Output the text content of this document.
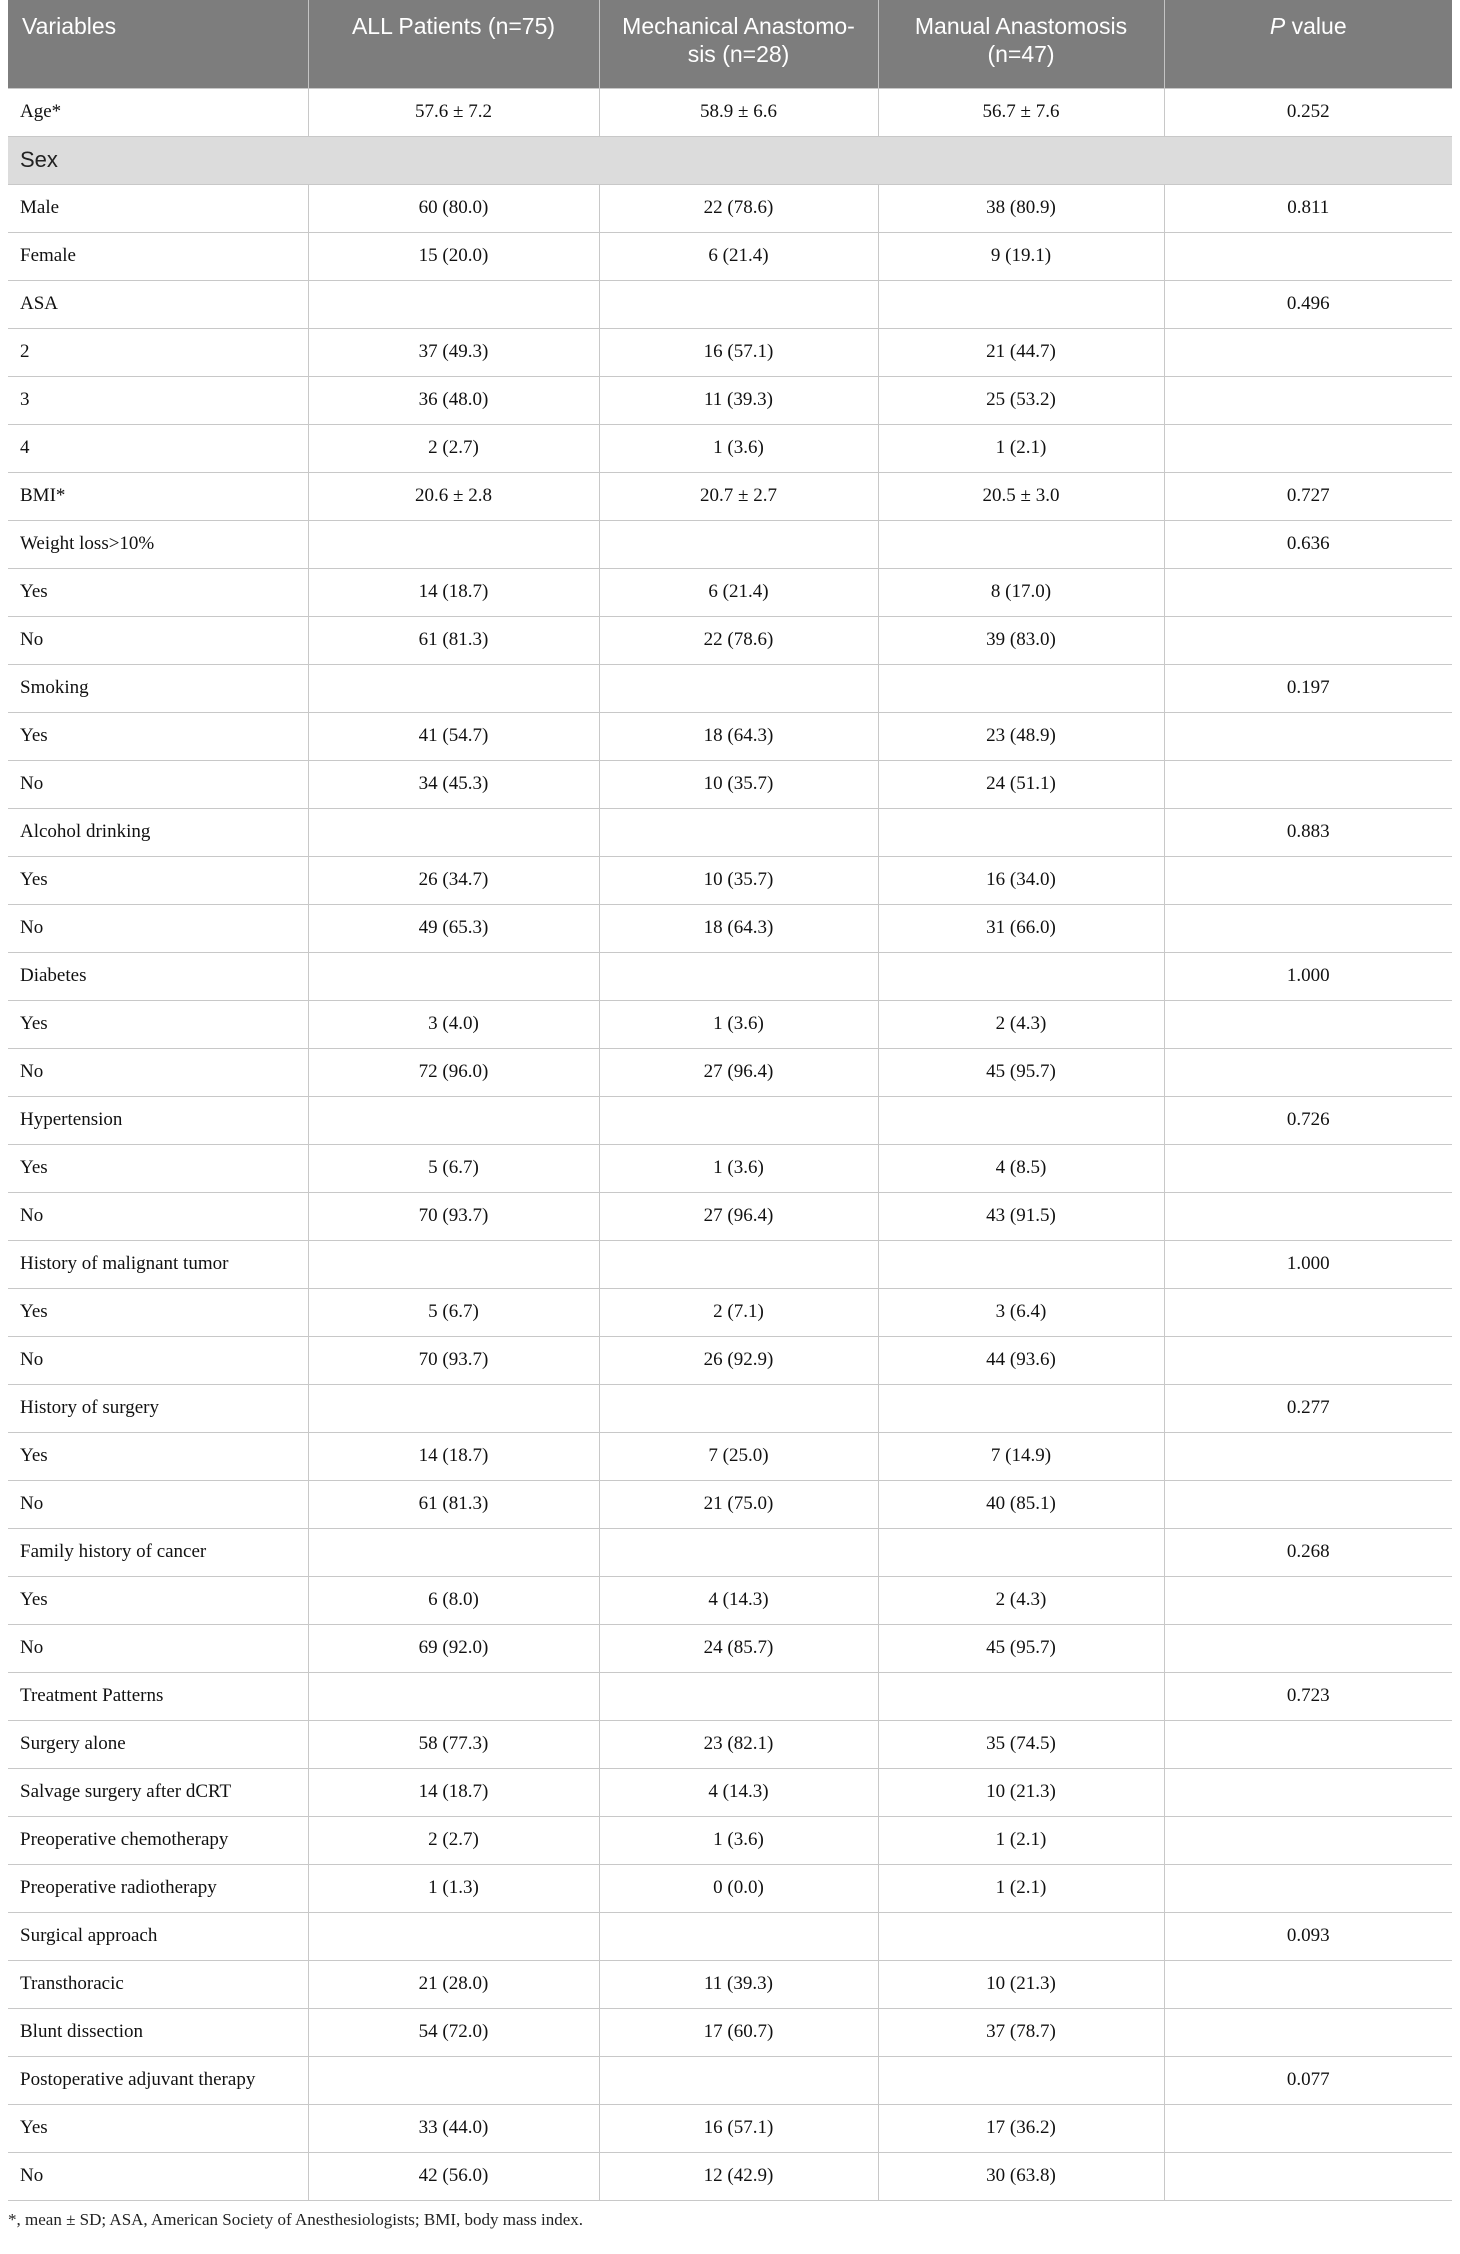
Variables	ALL Patients (n=75)	Mechanical Anastomo-sis (n=28)	Manual Anastomosis (n=47)	P value
Age*	57.6 ± 7.2	58.9 ± 6.6	56.7 ± 7.6	0.252
Sex				
Male	60 (80.0)	22 (78.6)	38 (80.9)	0.811
Female	15 (20.0)	6 (21.4)	9 (19.1)	
ASA				0.496
2	37 (49.3)	16 (57.1)	21 (44.7)	
3	36 (48.0)	11 (39.3)	25 (53.2)	
4	2 (2.7)	1 (3.6)	1 (2.1)	
BMI*	20.6 ± 2.8	20.7 ± 2.7	20.5 ± 3.0	0.727
Weight loss>10%				0.636
Yes	14 (18.7)	6 (21.4)	8 (17.0)	
No	61 (81.3)	22 (78.6)	39 (83.0)	
Smoking				0.197
Yes	41 (54.7)	18 (64.3)	23 (48.9)	
No	34 (45.3)	10 (35.7)	24 (51.1)	
Alcohol drinking				0.883
Yes	26 (34.7)	10 (35.7)	16 (34.0)	
No	49 (65.3)	18 (64.3)	31 (66.0)	
Diabetes				1.000
Yes	3 (4.0)	1 (3.6)	2 (4.3)	
No	72 (96.0)	27 (96.4)	45 (95.7)	
Hypertension				0.726
Yes	5 (6.7)	1 (3.6)	4 (8.5)	
No	70 (93.7)	27 (96.4)	43 (91.5)	
History of malignant tumor				1.000
Yes	5 (6.7)	2 (7.1)	3 (6.4)	
No	70 (93.7)	26 (92.9)	44 (93.6)	
History of surgery				0.277
Yes	14 (18.7)	7 (25.0)	7 (14.9)	
No	61 (81.3)	21 (75.0)	40 (85.1)	
Family history of cancer				0.268
Yes	6 (8.0)	4 (14.3)	2 (4.3)	
No	69 (92.0)	24 (85.7)	45 (95.7)	
Treatment Patterns				0.723
Surgery alone	58 (77.3)	23 (82.1)	35 (74.5)	
Salvage surgery after dCRT	14 (18.7)	4 (14.3)	10 (21.3)	
Preoperative chemotherapy	2 (2.7)	1 (3.6)	1 (2.1)	
Preoperative radiotherapy	1 (1.3)	0 (0.0)	1 (2.1)	
Surgical approach				0.093
Transthoracic	21 (28.0)	11 (39.3)	10 (21.3)	
Blunt dissection	54 (72.0)	17 (60.7)	37 (78.7)	
Postoperative adjuvant therapy				0.077
Yes	33 (44.0)	16 (57.1)	17 (36.2)	
No	42 (56.0)	12 (42.9)	30 (63.8)	
*, mean ± SD; ASA, American Society of Anesthesiologists; BMI, body mass index.
